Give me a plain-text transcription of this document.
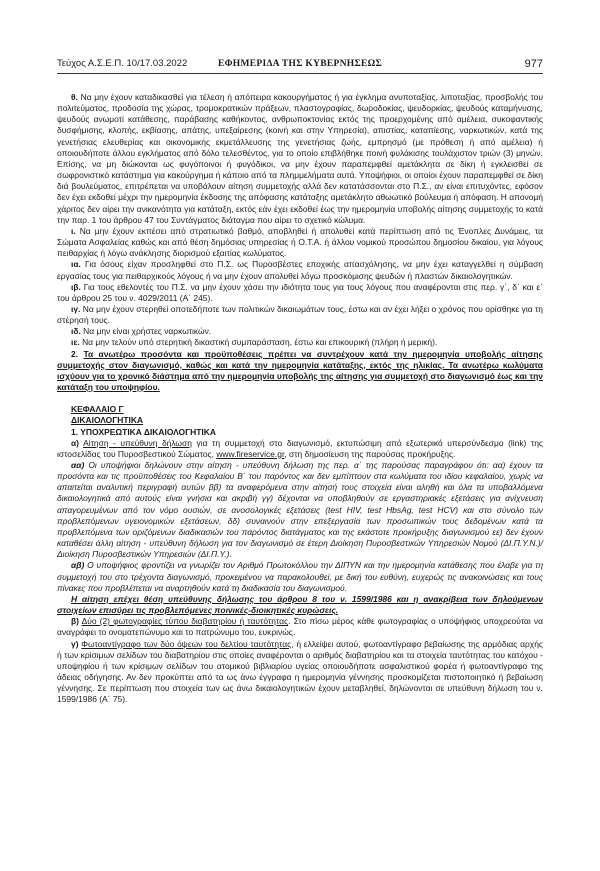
Τεύχος Α.Σ.Ε.Π. 10/17.03.2022	ΕΦΗΜΕΡΙΔΑ ΤΗΣ ΚΥΒΕΡΝΗΣΕΩΣ	977

θ. Να μην έχουν καταδικασθεί για τέλεση ή απόπειρα κακουργήματος ή για έγκλημα ανυποταξίας, λιποταξίας, προσβολής του πολιτεύματος, προδοσία της χώρας, τρομοκρατικών πράξεων, πλαστογραφίας, δωροδοκίας, ψευδορκίας, ψευδούς καταμήνυσης, ψευδούς ανωμοτί κατάθεσης, παράβασης καθήκοντος, ανθρωποκτονίας εκτός της προερχομένης από αμέλεια, συκοφαντικής δυσφήμισης, κλοπής, εκβίασης, απάτης, υπεξαίρεσης (κοινή και στην Υπηρεσία), απιστίας, καταπίεσης, ναρκωτικών, κατά της γενετήσιας ελευθερίας και οικονομικής εκμετάλλευσης της γενετήσιας ζωής, εμπρησμό (με πρόθεση ή από αμέλεια) ή οποιουδήποτε άλλου εγκλήματος από δόλο τελεσθέντος, για το οποίο επιβλήθηκε ποινή φυλάκισης τουλάχιστον τριών (3) μηνών. Επίσης, να μη διώκονται ως φυγόποινοι ή φυγόδικοι, να μην έχουν παραπεμφθεί αμετάκλητα σε δίκη ή εγκλεισθεί σε σωφρονιστικό κατάστημα για κακούργημα ή κάποιο από τα πλημμελήματα αυτά. Υποψήφιοι, οι οποίοι έχουν παραπεμφθεί σε δίκη διά βουλεύματος, επιτρέπεται να υποβάλουν αίτηση συμμετοχής αλλά δεν κατατάσσονται στο Π.Σ., αν είναι επιτυχόντες, εφόσον δεν έχει εκδοθεί μέχρι την ημερομηνία έκδοσης της απόφασης κατάταξης αμετάκλητο αθωωτικό βούλευμα ή απόφαση. Η απονομή χάριτος δεν αίρει την ανικανότητα για κατάταξη, εκτός εάν έχει εκδοθεί έως την ημερομηνία υποβολής αίτησης συμμετοχής το κατά την παρ. 1 του άρθρου 47 του Συντάγματος διάταγμα που αίρει το σχετικό κώλυμα.

ι. Να μην έχουν εκπέσει από στρατιωτικό βαθμό, αποβληθεί ή απολυθεί κατά περίπτωση από τις Ένοπλες Δυνάμεις, τα Σώματα Ασφαλείας καθώς και από θέση δημόσιας υπηρεσίας ή Ο.Τ.Α. ή άλλου νομικού προσώπου δημοσίου δικαίου, για λόγους πειθαρχίας ή λόγω ανάκλησης διορισμού εξαιτίας κωλύματος.

ια. Για όσους είχαν προσληφθεί στο Π.Σ. ως Πυροσβέστες εποχικής απασχόλησης, να μην έχει καταγγελθεί η σύμβαση εργασίας τους για πειθαρχικούς λόγους ή να μην έχουν απολυθεί λόγω προσκόμισης ψευδών ή πλαστών δικαιολογητικών.

ιβ. Για τους εθελοντές του Π.Σ. να μην έχουν χάσει την ιδιότητα τους για τους λόγους που αναφέρονται στις περ. γ΄, δ΄ και ε΄ του άρθρου 25 του ν. 4029/2011 (Α΄ 245).

ιγ. Να μην έχουν στερηθεί οποτεδήποτε των πολιτικών δικαιωμάτων τους, έστω και αν έχει λήξει ο χρόνος που ορίσθηκε για τη στέρησή τους.

ιδ. Να μην είναι χρήστες ναρκωτικών.

ιε. Να μην τελούν υπό στερητική δικαστική συμπαράσταση, έστω και επικουρική (πλήρη ή μερική).

2. Τα ανωτέρω προσόντα και προϋποθέσεις πρέπει να συντρέχουν κατά την ημερομηνία υποβολής αίτησης συμμετοχής στον διαγωνισμό, καθώς και κατά την ημερομηνία κατάταξης, εκτός της ηλικίας. Τα ανωτέρω κωλύματα ισχύουν για το χρονικό διάστημα από την ημερομηνία υποβολής της αίτησης για συμμετοχή στο διαγωνισμό έως και την κατάταξη του υποψηφίου.

ΚΕΦΑΛΑΙΟ Γ

ΔΙΚΑΙΟΛΟΓΗΤΙΚΑ

1. ΥΠΟΧΡΕΩΤΙΚΑ ΔΙΚΑΙΟΛΟΓΗΤΙΚΑ

α) Αίτηση - υπεύθυνη δήλωση για τη συμμετοχή στο διαγωνισμό, εκτυπώσιμη από εξωτερικό υπερσύνδεσμο (link) της ιστοσελίδας του Πυροσβεστικού Σώματος, www.fireservice.gr, στη δημοσίευση της παρούσας προκήρυξης.

αα) Οι υποψήφιοι δηλώνουν στην αίτηση - υπεύθυνη δήλωση της περ. α΄ της παρούσας παραγράφου ότι: αα) έχουν τα προσόντα και τις προϋποθέσεις του Κεφαλαίου Β΄ του παρόντος και δεν εμπίπτουν στα κωλύματα του ιδίου κεφαλαίου, χωρίς να απαιτείται αναλυτική περιγραφή αυτών ββ) τα αναφερόμενα στην αίτησή τους στοιχεία είναι αληθή και όλα τα υποβαλλόμενα δικαιολογητικά από αυτούς είναι γνήσια και ακριβή γγ) δέχονται να υποβληθούν σε εργαστηριακές εξετάσεις για ανίχνευση απαγορευμένων από τον νόμο ουσιών, σε ανοσολογικές εξετάσεις (test HIV, test HbsAg, test HCV) και στο σύνολο των προβλεπόμενων υγειονομικών εξετάσεων, δδ) συναινούν στην επεξεργασία των προσωπικών τους δεδομένων κατά τα προβλεπόμενα των οριζόμενων διαδικασιών του παρόντος διατάγματος και της εκάστοτε προκήρυξης διαγωνισμού εε) δεν έχουν καταθέσει άλλη αίτηση - υπεύθυνη δήλωση για τον διαγωνισμό σε έτερη Διοίκηση Πυροσβεστικών Υπηρεσιών Νομού (ΔΙ.Π.Υ.Ν.)/Διοίκηση Πυροσβεστικών Υπηρεσιών (ΔΙ.Π.Υ.).

αβ) Ο υποψήφιος φροντίζει να γνωρίζει τον Αριθμό Πρωτοκόλλου την ΔΙΠΥΝ και την ημερομηνία κατάθεσης που έλαβε για τη συμμετοχή του στο τρέχοντα διαγωνισμό, προκειμένου να παρακολουθεί, με δική του ευθύνη, ευχερώς τις ανακοινώσεις και τους πίνακες που προβλέπεται να αναρτηθούν κατά τη διαδικασία του διαγωνισμού.

Η αίτηση επέχει θέση υπεύθυνης δήλωσης του άρθρου 8 του ν. 1599/1986 και η ανακρίβεια των δηλούμενων στοιχείων επισύρει τις προβλεπόμενες ποινικές-διοικητικές κυρώσεις.

β) Δύο (2) φωτογραφίες τύπου διαβατηρίου ή ταυτότητας. Στο πίσω μέρος κάθε φωτογραφίας ο υποψήφιος υποχρεούται να αναγράφει το ονοματεπώνυμο και το πατρώνυμο του, ευκρινώς.

γ) Φωτοαντίγραφο των δύο όψεων του δελτίου ταυτότητας, ή ελλείψει αυτού, φωτοαντίγραφο βεβαίωσης της αρμόδιας αρχής ή των κρίσιμων σελίδων του διαβατηρίου στις οποίες αναφέρονται ο αριθμός διαβατηρίου και τα στοιχεία ταυτότητας του κατόχου - υποψηφίου ή των κρίσιμων σελίδων του ατομικού βιβλιαρίου υγείας οποιουδήποτε ασφαλιστικού φορέα ή φωτοαντίγραφο της άδειας οδήγησης. Αν δεν προκύπτει από τα ως άνω έγγραφα η ημερομηνία γέννησης προσκομίζεται πιστοποιητικό ή βεβαίωση γέννησης. Σε περίπτωση που στοιχεία των ως άνω δικαιολογητικών έχουν μεταβληθεί, δηλώνονται σε υπεύθυνη δήλωση του ν. 1599/1986 (Α΄ 75).
